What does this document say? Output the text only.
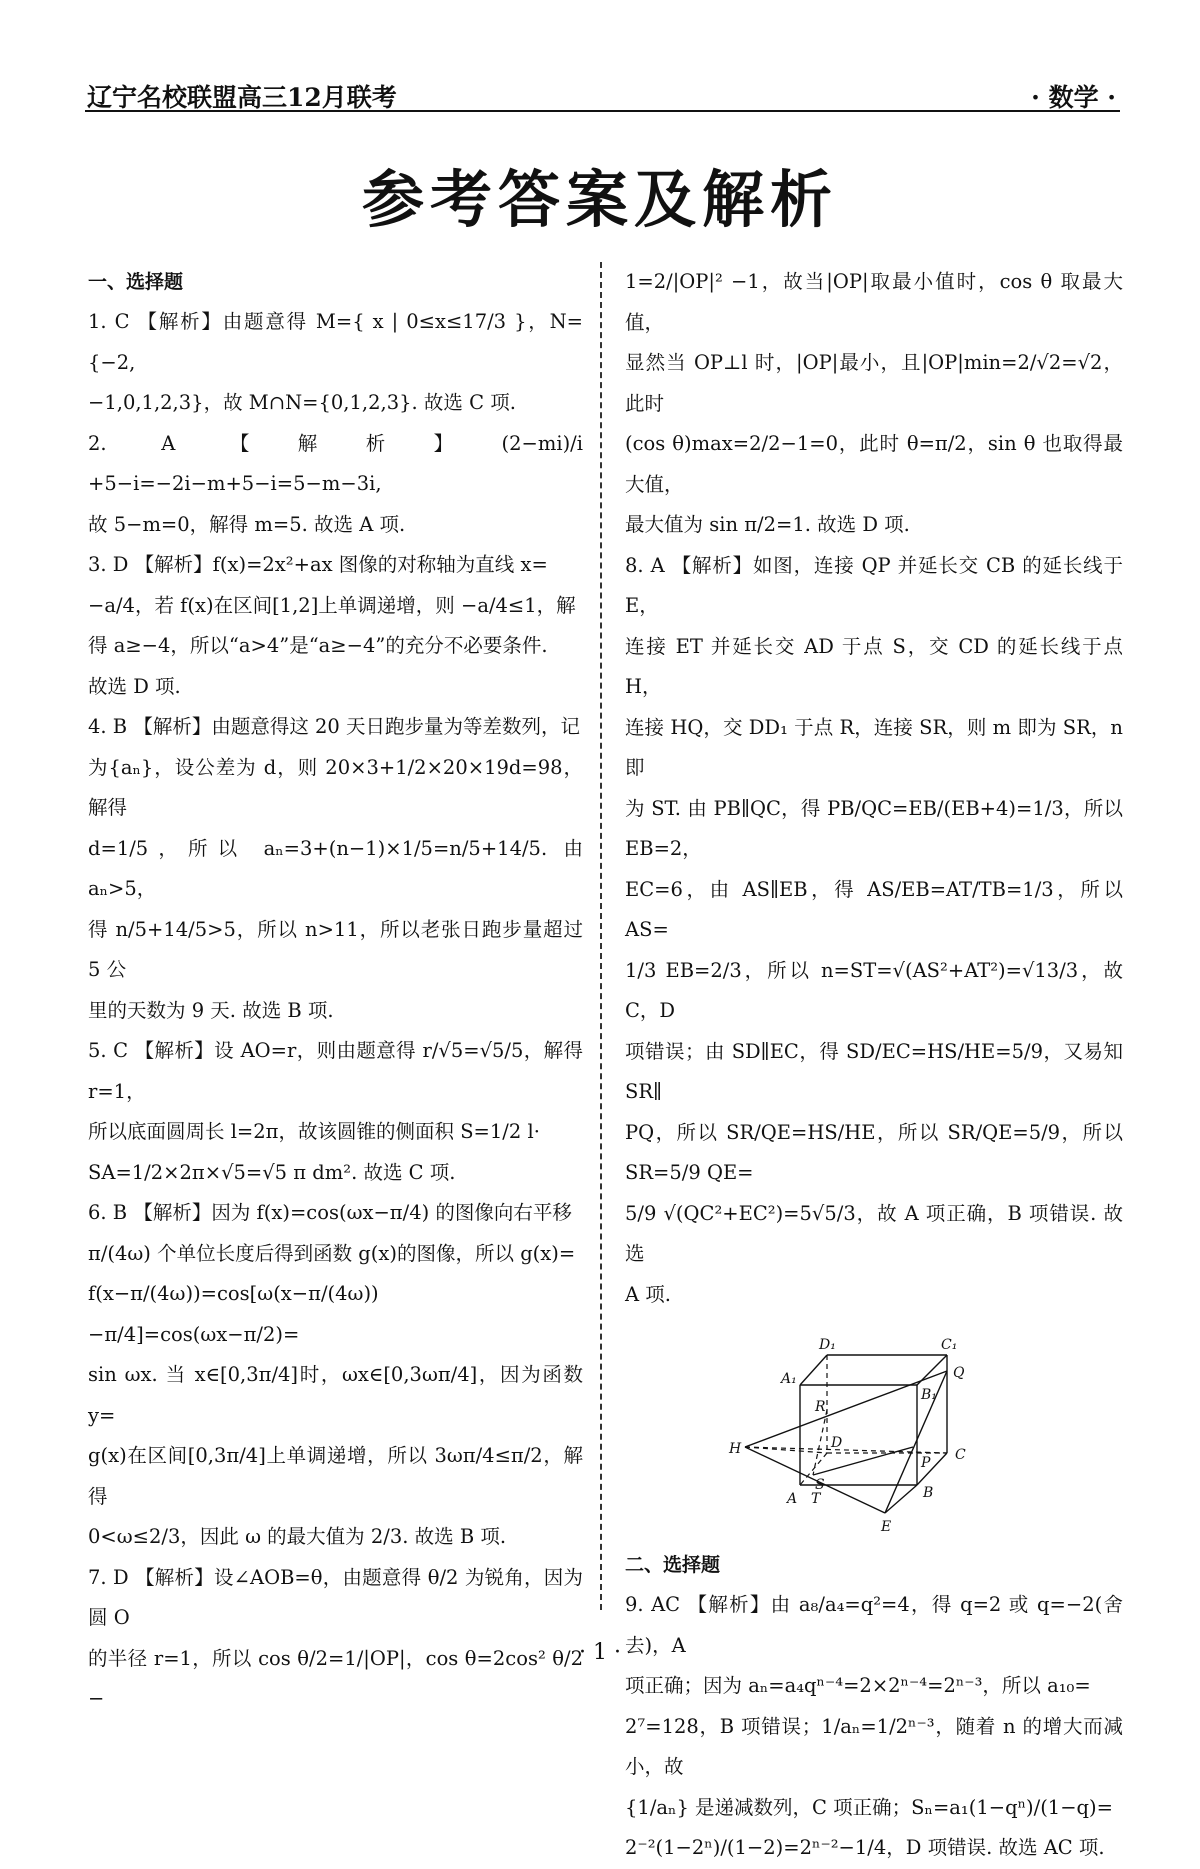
辽宁名校联盟高三12月联考	· 数学 ·
参考答案及解析
一、选择题

1. C 【解析】由题意得 M={ x | 0≤x≤17/3 }，N={−2,

−1,0,1,2,3}，故 M∩N={0,1,2,3}. 故选 C 项.

2. A 【解析】(2−mi)/i +5−i=−2i−m+5−i=5−m−3i,

故 5−m=0，解得 m=5. 故选 A 项.

3. D 【解析】f(x)=2x²+ax 图像的对称轴为直线 x=

−a/4，若 f(x)在区间[1,2]上单调递增，则 −a/4≤1，解

得 a≥−4，所以“a>4”是“a≥−4”的充分不必要条件.

故选 D 项.

4. B 【解析】由题意得这 20 天日跑步量为等差数列，记

为{aₙ}，设公差为 d，则 20×3+1/2×20×19d=98，解得

d=1/5，所以 aₙ=3+(n−1)×1/5=n/5+14/5. 由 aₙ>5，

得 n/5+14/5>5，所以 n>11，所以老张日跑步量超过 5 公

里的天数为 9 天. 故选 B 项.

5. C 【解析】设 AO=r，则由题意得 r/√5=√5/5，解得 r=1，

所以底面圆周长 l=2π，故该圆锥的侧面积 S=1/2 l·

SA=1/2×2π×√5=√5 π dm². 故选 C 项.

6. B 【解析】因为 f(x)=cos(ωx−π/4) 的图像向右平移

π/(4ω) 个单位长度后得到函数 g(x)的图像，所以 g(x)=

f(x−π/(4ω))=cos[ω(x−π/(4ω))−π/4]=cos(ωx−π/2)=

sin ωx. 当 x∈[0,3π/4]时，ωx∈[0,3ωπ/4]，因为函数 y=

g(x)在区间[0,3π/4]上单调递增，所以 3ωπ/4≤π/2，解得

0<ω≤2/3，因此 ω 的最大值为 2/3. 故选 B 项.

7. D 【解析】设∠AOB=θ，由题意得 θ/2 为锐角，因为圆 O

的半径 r=1，所以 cos θ/2=1/|OP|，cos θ=2cos² θ/2 −

1=2/|OP|² −1，故当|OP|取最小值时，cos θ 取最大值，

显然当 OP⊥l 时，|OP|最小，且|OP|min=2/√2=√2，此时

(cos θ)max=2/2−1=0，此时 θ=π/2，sin θ 也取得最大值，

最大值为 sin π/2=1. 故选 D 项.

8. A 【解析】如图，连接 QP 并延长交 CB 的延长线于 E，

连接 ET 并延长交 AD 于点 S，交 CD 的延长线于点 H，

连接 HQ，交 DD₁ 于点 R，连接 SR，则 m 即为 SR，n 即

为 ST. 由 PB∥QC，得 PB/QC=EB/(EB+4)=1/3，所以 EB=2，

EC=6，由 AS∥EB，得 AS/EB=AT/TB=1/3，所以 AS=

1/3 EB=2/3，所以 n=ST=√(AS²+AT²)=√13/3，故 C，D

项错误；由 SD∥EC，得 SD/EC=HS/HE=5/9，又易知 SR∥

PQ，所以 SR/QE=HS/HE，所以 SR/QE=5/9，所以 SR=5/9 QE=

5/9 √(QC²+EC²)=5√5/3，故 A 项正确，B 项错误. 故选

A 项.

D₁	C₁
A₁
B₁
Q
R
D
C
H
P
S
A T	B
E
二、选择题

9. AC 【解析】由 a₈/a₄=q²=4，得 q=2 或 q=−2(舍去)，A

项正确；因为 aₙ=a₄qⁿ⁻⁴=2×2ⁿ⁻⁴=2ⁿ⁻³，所以 a₁₀=

2⁷=128，B 项错误；1/aₙ=1/2ⁿ⁻³，随着 n 的增大而减小，故

{1/aₙ} 是递减数列，C 项正确；Sₙ=a₁(1−qⁿ)/(1−q)=

2⁻²(1−2ⁿ)/(1−2)=2ⁿ⁻²−1/4，D 项错误. 故选 AC 项.

· 1 ·
